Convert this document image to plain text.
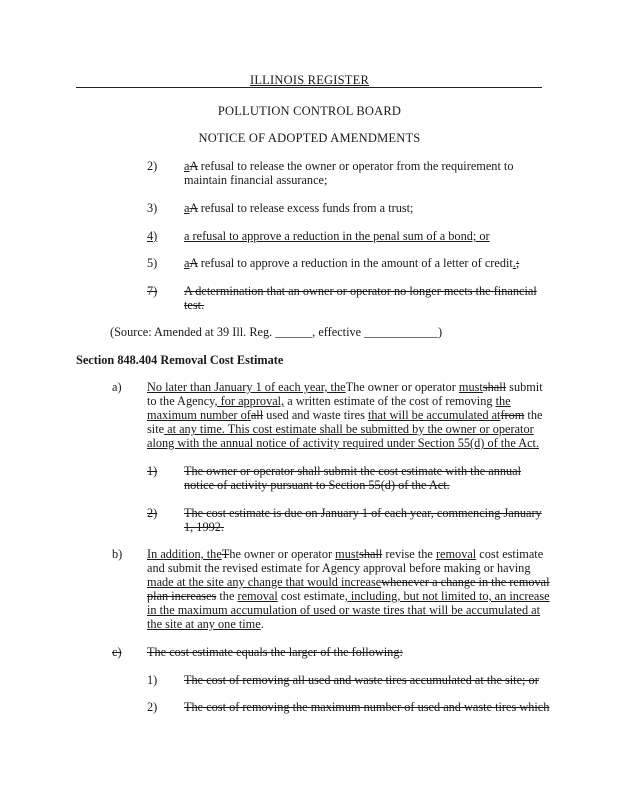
ILLINOIS REGISTER
POLLUTION CONTROL BOARD
NOTICE OF ADOPTED AMENDMENTS
2) aA refusal to release the owner or operator from the requirement to
maintain financial assurance;
3) aA refusal to release excess funds from a trust;
4) a refusal to approve a reduction in the penal sum of a bond; or
5) aA refusal to approve a reduction in the amount of a letter of credit.;
7) A determination that an owner or operator no longer meets the financial
test.
(Source: Amended at 39 Ill. Reg. ______, effective ____________)
Section 848.404 Removal Cost Estimate
a) No later than January 1 of each year, theThe owner or operator mustshall submit
to the Agency, for approval, a written estimate of the cost of removing the
maximum number ofall used and waste tires that will be accumulated atfrom the
site at any time. This cost estimate shall be submitted by the owner or operator
along with the annual notice of activity required under Section 55(d) of the Act.
1) The owner or operator shall submit the cost estimate with the annual
notice of activity pursuant to Section 55(d) of the Act.
2) The cost estimate is due on January 1 of each year, commencing January
1, 1992.
b) In addition, theThe owner or operator mustshall revise the removal cost estimate
and submit the revised estimate for Agency approval before making or having
made at the site any change that would increasewhenever a change in the removal
plan increases the removal cost estimate, including, but not limited to, an increase
in the maximum accumulation of used or waste tires that will be accumulated at
the site at any one time.
c) The cost estimate equals the larger of the following:
1) The cost of removing all used and waste tires accumulated at the site; or
2) The cost of removing the maximum number of used and waste tires which
